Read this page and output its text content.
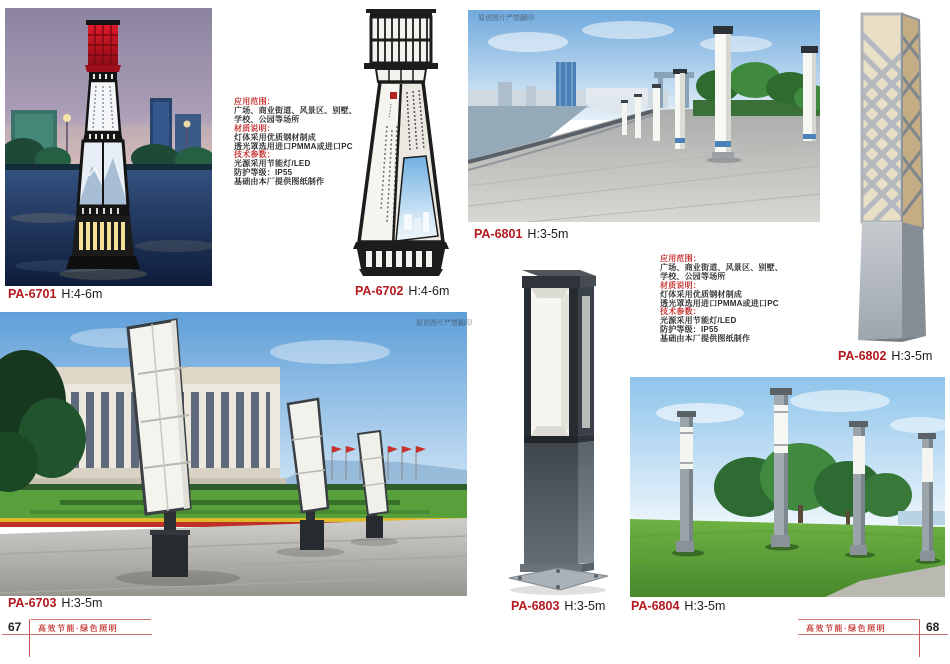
应用范围：
广场、商业街道、风景区、别墅、
学校、公园等场所
材质说明：
灯体采用优质钢材制成
透光罩选用进口PMMA或进口PC
技术参数：
光源采用节能灯/LED
防护等级：IP55
基础由本厂提供图纸制作
原创图片严禁翻印
应用范围：
广场、商业街道、风景区、别墅、
学校、公园等场所
材质说明：
灯体采用优质钢材制成
透光罩选用进口PMMA或进口PC
技术参数：
光源采用节能灯/LED
防护等级：IP55
基础由本厂提供图纸制作
原创图片严禁翻印
PA-6701 H:4-6m	PA-6702 H:4-6m
PA-6801 H:3-5m
PA-6802 H:3-5m
PA-6703 H:3-5m	PA-6803 H:3-5m PA-6804 H:3-5m
67 高效节能·绿色照明	高效节能·绿色照明	68
